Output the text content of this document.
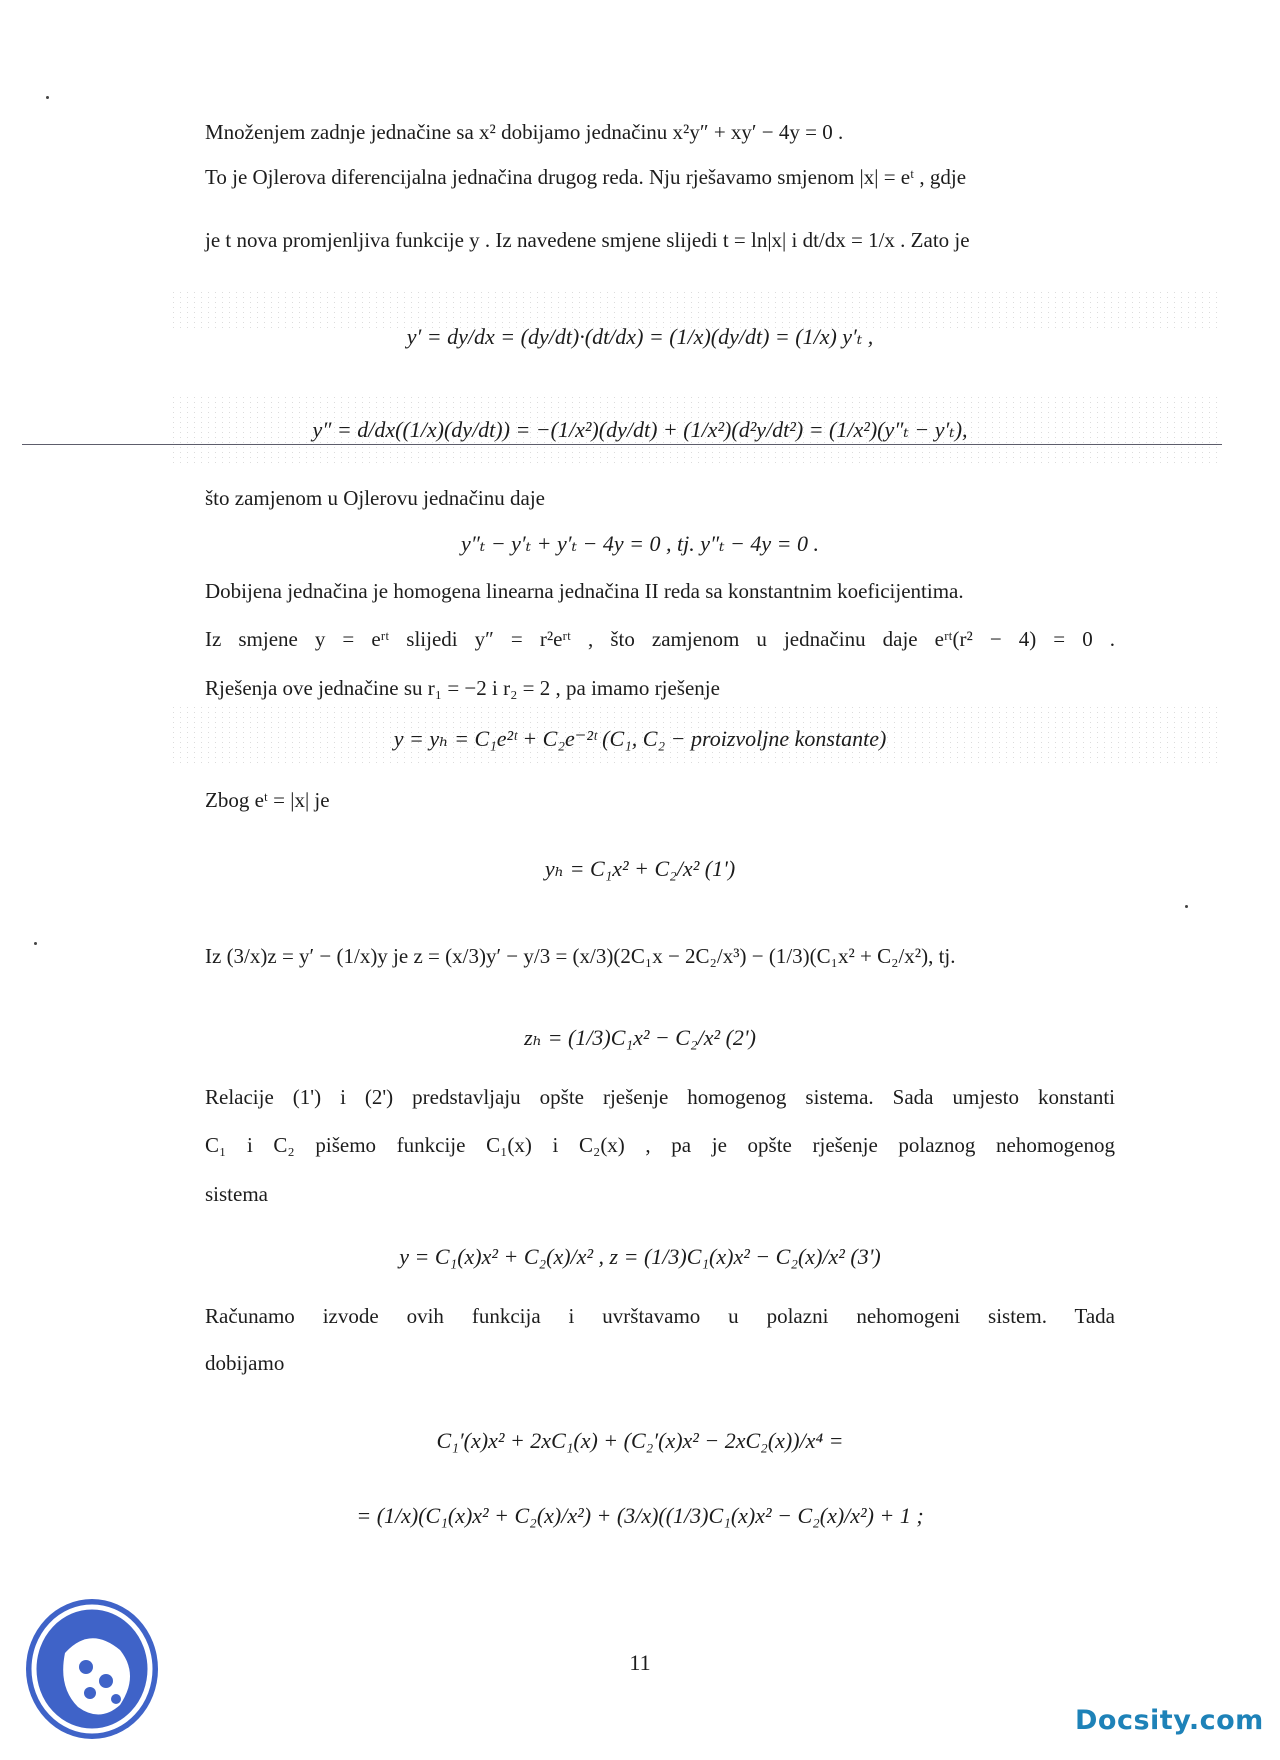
Množenjem zadnje jednačine sa x² dobijamo jednačinu x²y″ + xy′ − 4y = 0 .
To je Ojlerova diferencijalna jednačina drugog reda. Nju rješavamo smjenom |x| = eᵗ , gdje
je t nova promjenljiva funkcije y . Iz navedene smjene slijedi t = ln|x| i dt/dx = 1/x . Zato je
y′ = dy/dx = (dy/dt)·(dt/dx) = (1/x)(dy/dt) = (1/x) y′ₜ ,
y″ = d/dx((1/x)(dy/dt)) = −(1/x²)(dy/dt) + (1/x²)(d²y/dt²) = (1/x²)(y″ₜ − y′ₜ),
što zamjenom u Ojlerovu jednačinu daje
y″ₜ − y′ₜ + y′ₜ − 4y = 0 , tj. y″ₜ − 4y = 0 .
Dobijena jednačina je homogena linearna jednačina II reda sa konstantnim koeficijentima.
Iz smjene y = eʳᵗ slijedi y″ = r²eʳᵗ , što zamjenom u jednačinu daje eʳᵗ(r² − 4) = 0 .
Rješenja ove jednačine su r₁ = −2 i r₂ = 2 , pa imamo rješenje
y = yₕ = C₁e²ᵗ + C₂e⁻²ᵗ (C₁, C₂ − proizvoljne konstante)
Zbog eᵗ = |x| je
yₕ = C₁x² + C₂/x² (1')
Iz (3/x)z = y′ − (1/x)y je z = (x/3)y′ − y/3 = (x/3)(2C₁x − 2C₂/x³) − (1/3)(C₁x² + C₂/x²), tj.
zₕ = (1/3)C₁x² − C₂/x² (2')
Relacije (1') i (2') predstavljaju opšte rješenje homogenog sistema. Sada umjesto konstanti
C₁ i C₂ pišemo funkcije C₁(x) i C₂(x) , pa je opšte rješenje polaznog nehomogenog
sistema
y = C₁(x)x² + C₂(x)/x² , z = (1/3)C₁(x)x² − C₂(x)/x² (3')
Računamo izvode ovih funkcija i uvrštavamo u polazni nehomogeni sistem. Tada
dobijamo
C₁′(x)x² + 2xC₁(x) + (C₂′(x)x² − 2xC₂(x))/x⁴ =
= (1/x)(C₁(x)x² + C₂(x)/x²) + (3/x)((1/3)C₁(x)x² − C₂(x)/x²) + 1 ;
11
Docsity.com
